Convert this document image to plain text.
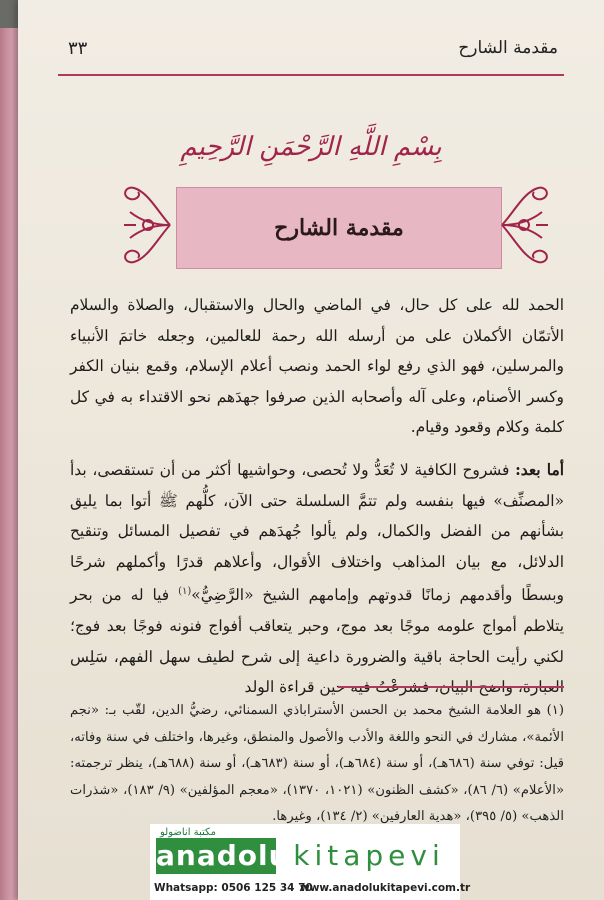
٣٣	مقدمة الشارح
بِسْمِ اللَّهِ الرَّحْمَنِ الرَّحِيمِ
مقدمة الشارح

الحمد لله على كل حال، في الماضي والحال والاستقبال، والصلاة والسلام الأتمّان الأكملان على من أرسله الله رحمة للعالمين، وجعله خاتمَ الأنبياء والمرسلين، فهو الذي رفع لواء الحمد ونصب أعلام الإسلام، وقمع بنيان الكفر وكسر الأصنام، وعلى آله وأصحابه الذين صرفوا جهدَهم نحو الاقتداء به في كل كلمة وكلام وقعود وقيام.

أما بعد: فشروح الكافية لا تُعَدُّ ولا تُحصى، وحواشيها أكثر من أن تستقصى، بدأ «المصنِّف» فيها بنفسه ولم تتمَّ السلسلة حتى الآن، كلُّهم ﷺ أتوا بما يليق بشأنهم من الفضل والكمال، ولم يألوا جُهدَهم في تفصيل المسائل وتنقيح الدلائل، مع بيان المذاهب واختلاف الأقوال، وأعلاهم قدرًا وأكملهم شرحًا وبسطًا وأقدمهم زمانًا قدوتهم وإمامهم الشيخ «الرَّضِيُّ»$^{(١)}$ فيا له من بحر يتلاطم أمواج علومه موجًا بعد موج، وحبر يتعاقب أفواج فنونه فوجًا بعد فوج؛ لكني رأيت الحاجة باقية والضرورة داعية إلى شرح لطيف سهل الفهم، سَلِس العبارة، واضح البيان، فشرعْتُ فيه حين قراءة الولد

(١) هو العلامة الشيخ محمد بن الحسن الأستراباذي السمنائي، رضيُّ الدين، لقّب بـ: «نجم الأئمة»، مشارك في النحو واللغة والأدب والأصول والمنطق، وغيرها، واختلف في سنة وفاته، قيل: توفي سنة (٦٨٦هـ)، أو سنة (٦٨٤هـ)، أو سنة (٦٨٣هـ)، أو سنة (٦٨٨هـ)، ينظر ترجمته: «الأعلام» (٦/ ٨٦)، «كشف الظنون» (١٠٢١، ١٣٧٠)، «معجم المؤلفين» (٩/ ١٨٣)، «شذرات الذهب» (٥/ ٣٩٥)، «هدية العارفين» (٢/ ١٣٤)، وغيرها.

مكتبة اناضولو
anadolu kitapevi
Whatsapp: 0506 125 34 70
www.anadolukitapevi.com.tr
